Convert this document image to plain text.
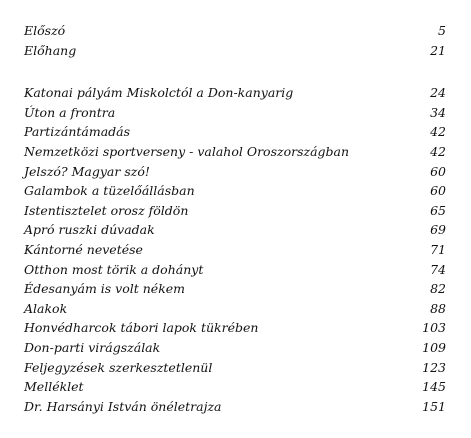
Előszó	5
Előhang	21
Katonai pályám Miskolctól a Don-kanyarig	24
Úton a frontra	34
Partizántámadás	42
Nemzetközi sportverseny - valahol Oroszországban	42
Jelszó? Magyar szó!	60
Galambok a tüzelőállásban	60
Istentisztelet orosz földön	65
Apró ruszki dúvadak	69
Kántorné nevetése	71
Otthon most törik a dohányt	74
Édesanyám is volt nékem	82
Alakok	88
Honvédharcok tábori lapok tükrében	103
Don-parti virágszálak	109
Feljegyzések szerkesztetlenül	123
Melléklet	145
Dr. Harsányi István önéletrajza	151
